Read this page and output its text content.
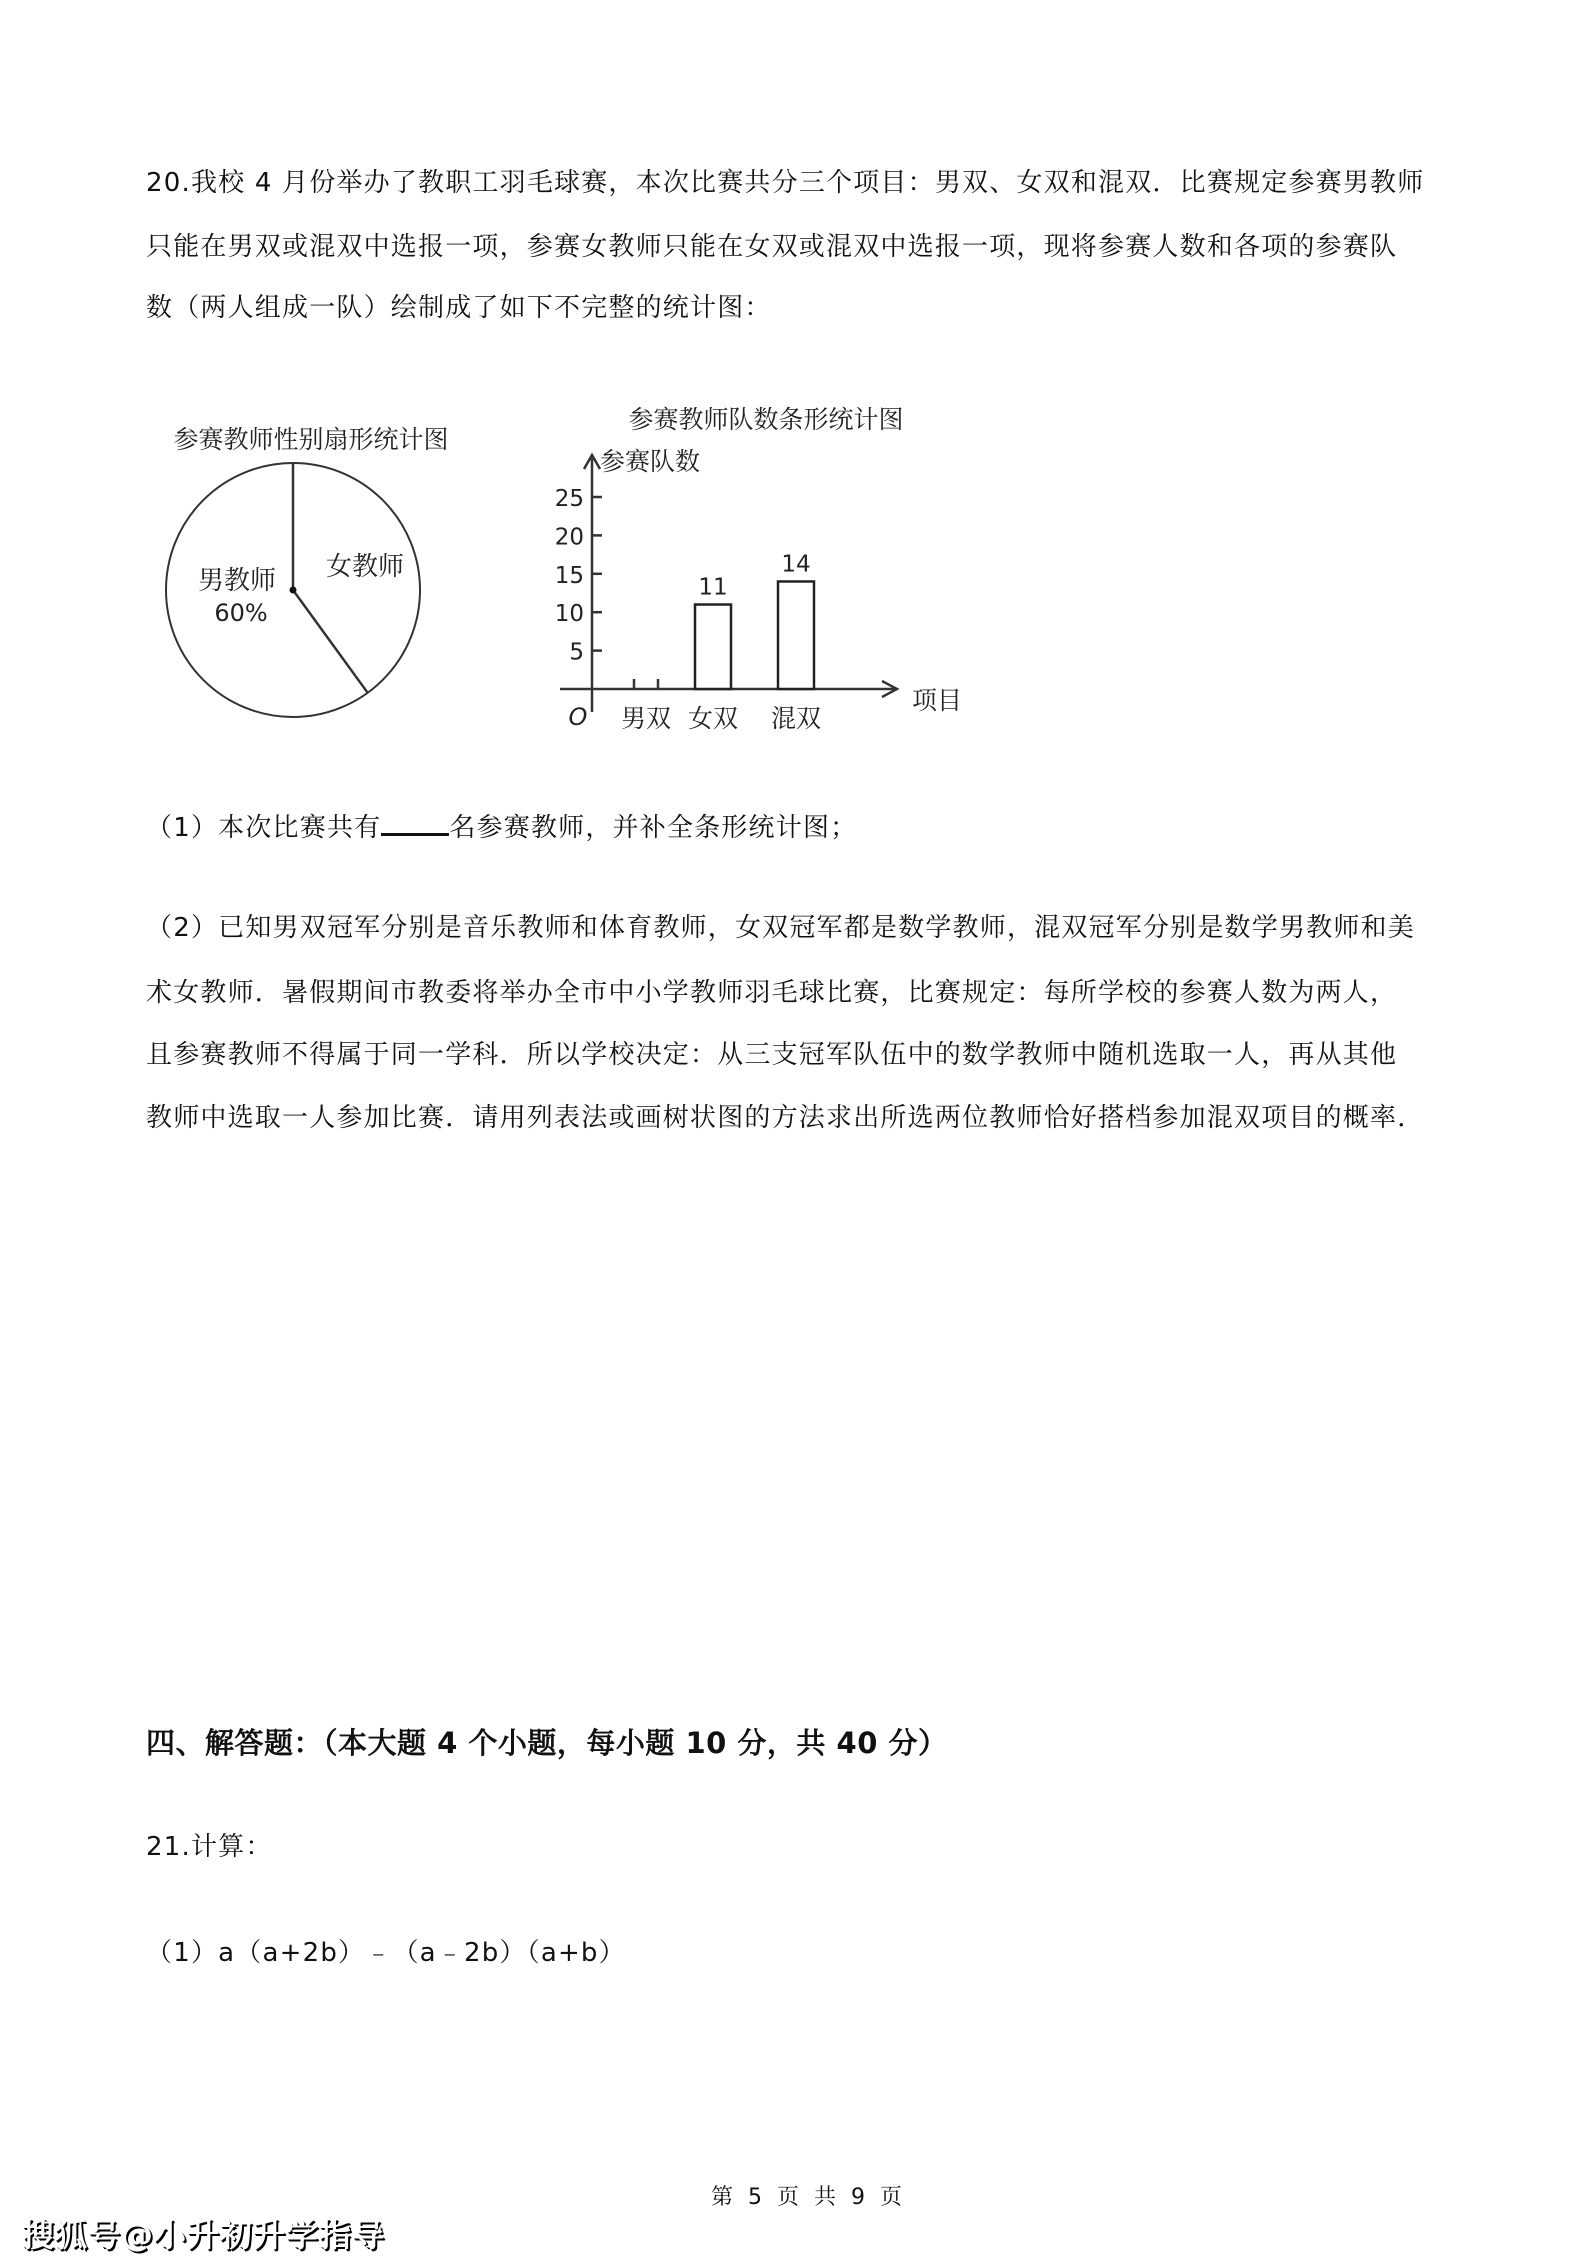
20.我校 4 月份举办了教职工羽毛球赛，本次比赛共分三个项目：男双、女双和混双．比赛规定参赛男教师
只能在男双或混双中选报一项，参赛女教师只能在女双或混双中选报一项，现将参赛人数和各项的参赛队
数（两人组成一队）绘制成了如下不完整的统计图：
参赛教师性别扇形统计图
男教师
60%
女教师
参赛教师队数条形统计图
参赛队数
项目
O
5
10
15
20
25
11
14
男双 女双 混双
（1）本次比赛共有	名参赛教师，并补全条形统计图；
（2）已知男双冠军分别是音乐教师和体育教师，女双冠军都是数学教师，混双冠军分别是数学男教师和美
术女教师．暑假期间市教委将举办全市中小学教师羽毛球比赛，比赛规定：每所学校的参赛人数为两人，
且参赛教师不得属于同一学科．所以学校决定：从三支冠军队伍中的数学教师中随机选取一人，再从其他
教师中选取一人参加比赛．请用列表法或画树状图的方法求出所选两位教师恰好搭档参加混双项目的概率．
四、解答题：（本大题 4 个小题，每小题 10 分，共 40 分）
21.计算：
（1）a（a+2b）﹣（a﹣2b）（a+b）
第 5 页 共 9 页
搜狐号@小升初升学指导
